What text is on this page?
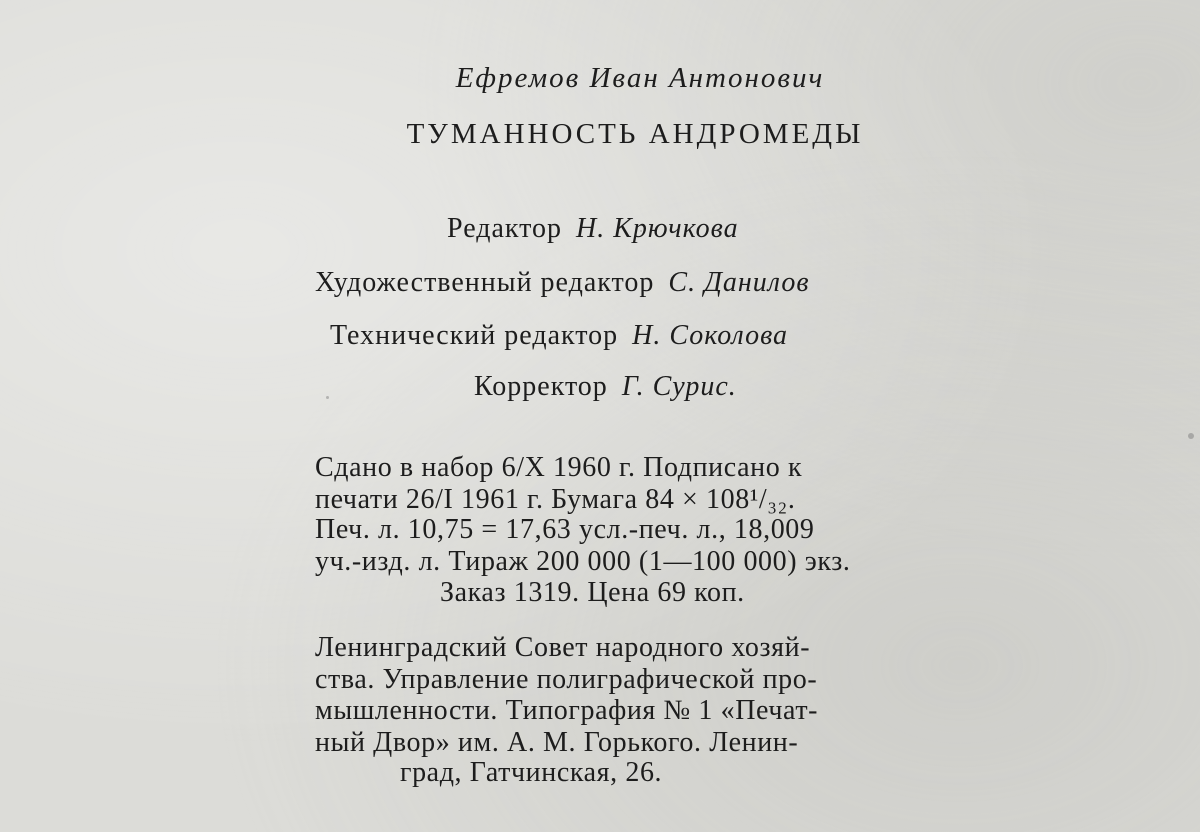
Ефремов Иван Антонович
ТУМАННОСТЬ АНДРОМЕДЫ
Редактор Н. Крючкова
Художественный редактор С. Данилов
Технический редактор Н. Соколова
Корректор Г. Сурис.
Сдано в набор 6/X 1960 г. Подписано к
печати 26/I 1961 г. Бумага 84 × 108¹/₃₂.
Печ. л. 10,75 = 17,63 усл.-печ. л., 18,009
уч.-изд. л. Тираж 200 000 (1—100 000) экз.
Заказ 1319. Цена 69 коп.
Ленинградский Совет народного хозяй-
ства. Управление полиграфической про-
мышленности. Типография № 1 «Печат-
ный Двор» им. А. М. Горького. Ленин-
град, Гатчинская, 26.
